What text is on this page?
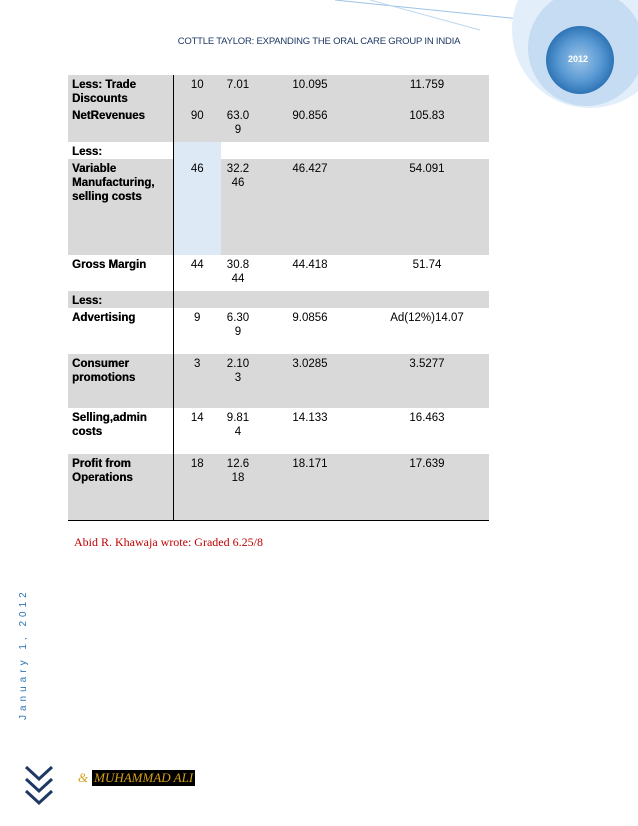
COTTLE TAYLOR: EXPANDING THE ORAL CARE GROUP IN INDIA
2012
Less: Trade Discounts	10	7.01	10.095	11.759
NetRevenues	90	63.0 9	90.856	105.83
Less:				
Variable Manufacturing, selling costs	46	32.2 46	46.427	54.091
Gross Margin	44	30.8 44	44.418	51.74
Less:				
Advertising	9	6.30 9	9.0856	Ad(12%)14.07
Consumer promotions	3	2.10 3	3.0285	3.5277
Selling,admin costs	14	9.81 4	14.133	16.463
Profit from Operations	18	12.6 18	18.171	17.639
Abid R. Khawaja wrote: Graded 6.25/8
January 1, 2012
& MUHAMMAD ALI
